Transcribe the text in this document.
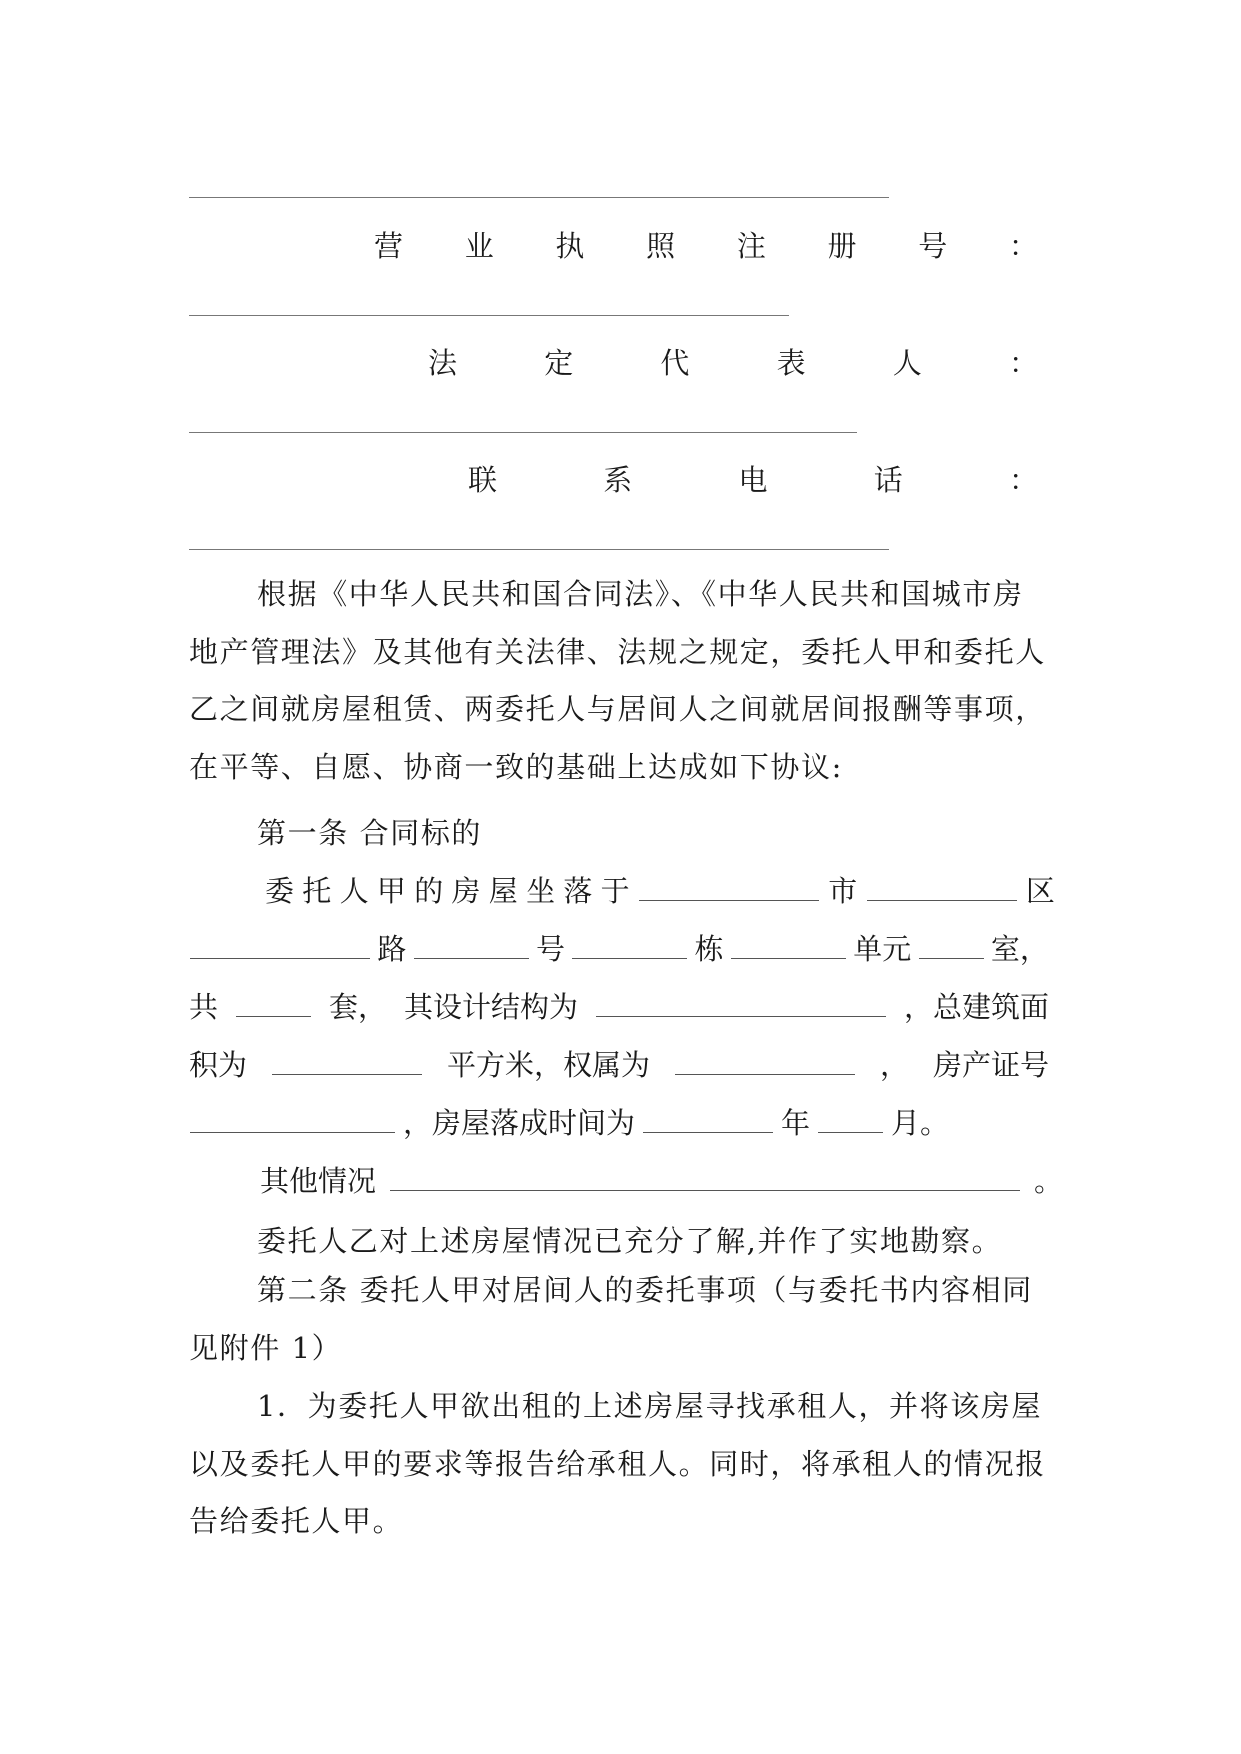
营 业 执 照 注 册 号 ：
法	定	代	表	人	：
联	系	电	话	：
根据《中华人民共和国合同法》、《中华人民共和国城市房地产管理法》及其他有关法律、法规之规定，委托人甲和委托人乙之间就房屋租赁、两委托人与居间人之间就居间报酬等事项，在平等、自愿、协商一致的基础上达成如下协议:
第一条 合同标的
委 托 人 甲 的 房 屋 坐 落 于	市	区
路	号	栋	单元	室，
共	套， 其设计结构为	，总建筑面
积为	平方米，权属为	， 房产证号
，房屋落成时间为	年	月。
其他情况	。
委托人乙对上述房屋情况已充分了解,并作了实地勘察。
第二条 委托人甲对居间人的委托事项（与委托书内容相同见附件 1）
1．为委托人甲欲出租的上述房屋寻找承租人，并将该房屋以及委托人甲的要求等报告给承租人。同时，将承租人的情况报告给委托人甲。
